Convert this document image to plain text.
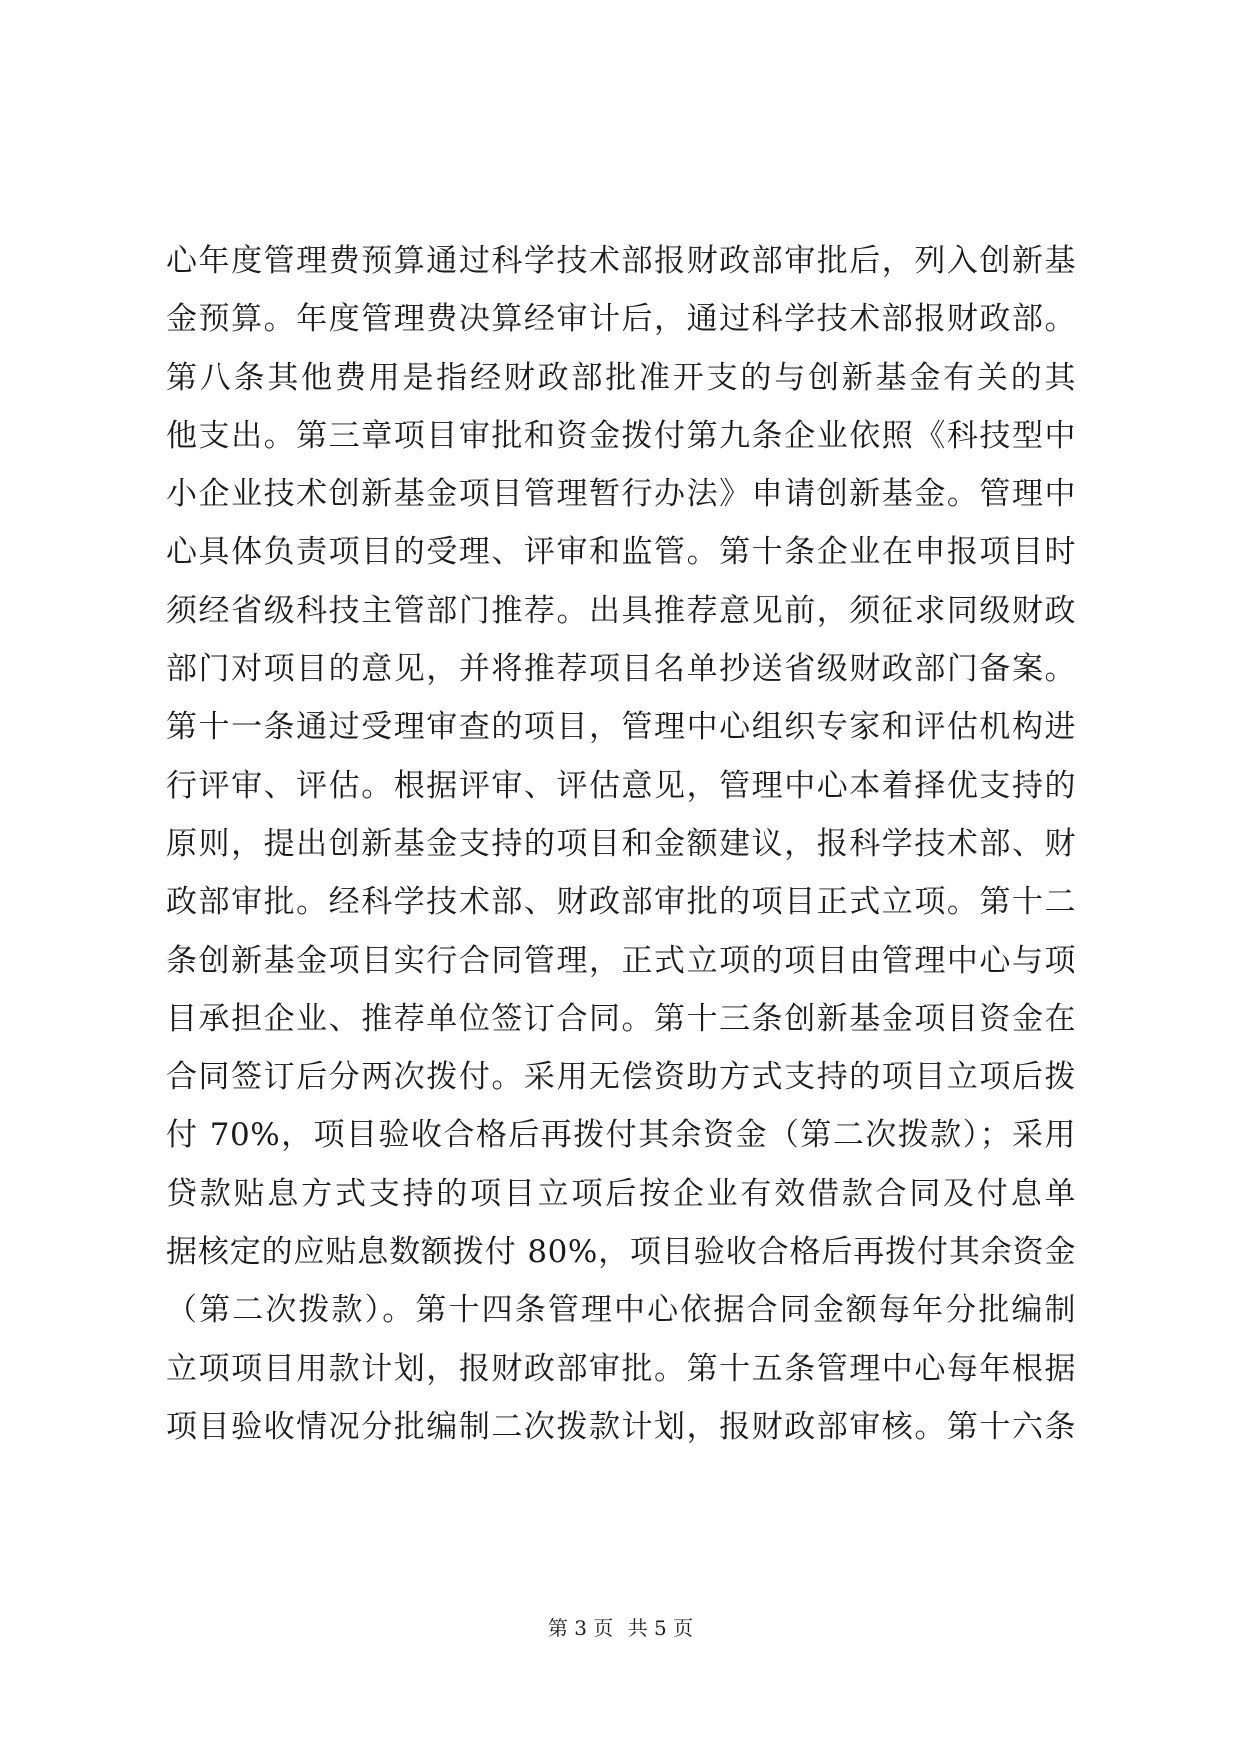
心年度管理费预算通过科学技术部报财政部审批后，列入创新基
金预算。年度管理费决算经审计后，通过科学技术部报财政部。
第八条其他费用是指经财政部批准开支的与创新基金有关的其
他支出。第三章项目审批和资金拨付第九条企业依照《科技型中
小企业技术创新基金项目管理暂行办法》申请创新基金。管理中
心具体负责项目的受理、评审和监管。第十条企业在申报项目时
须经省级科技主管部门推荐。出具推荐意见前，须征求同级财政
部门对项目的意见，并将推荐项目名单抄送省级财政部门备案。
第十一条通过受理审查的项目，管理中心组织专家和评估机构进
行评审、评估。根据评审、评估意见，管理中心本着择优支持的
原则，提出创新基金支持的项目和金额建议，报科学技术部、财
政部审批。经科学技术部、财政部审批的项目正式立项。第十二
条创新基金项目实行合同管理，正式立项的项目由管理中心与项
目承担企业、推荐单位签订合同。第十三条创新基金项目资金在
合同签订后分两次拨付。采用无偿资助方式支持的项目立项后拨
付 70%，项目验收合格后再拨付其余资金（第二次拨款）；采用
贷款贴息方式支持的项目立项后按企业有效借款合同及付息单
据核定的应贴息数额拨付 80%，项目验收合格后再拨付其余资金
（第二次拨款）。第十四条管理中心依据合同金额每年分批编制
立项项目用款计划，报财政部审批。第十五条管理中心每年根据
项目验收情况分批编制二次拨款计划，报财政部审核。第十六条
第 3 页 共 5 页
